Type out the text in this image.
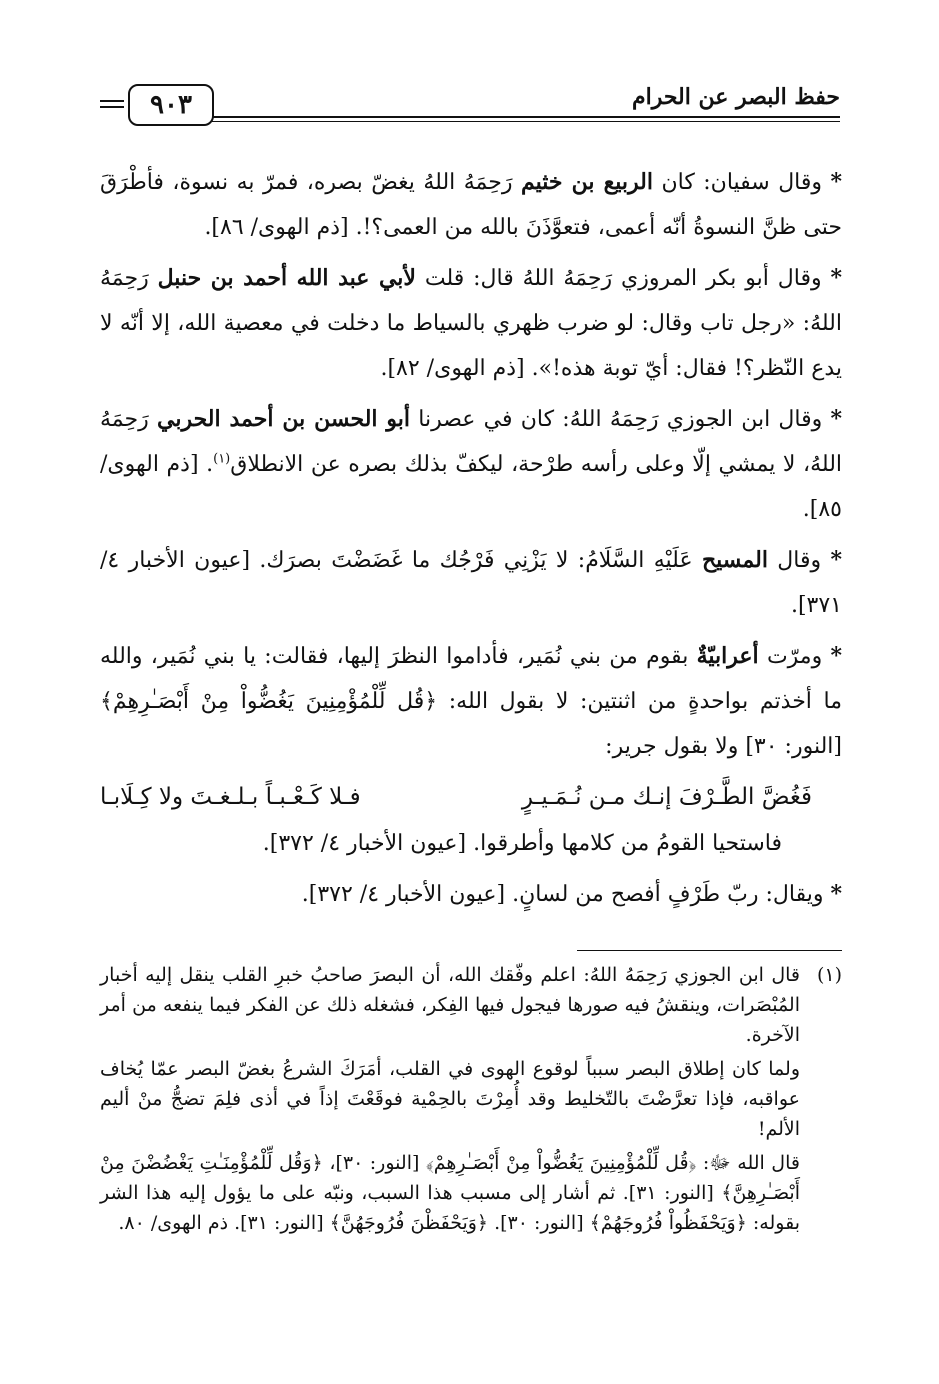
حفظ البصر عن الحرام
٩٠٣

* وقال سفيان: كان الربيع بن خثيم رَحِمَهُ اللهُ يغضّ بصره، فمرّ به نسوة، فأطْرَقَ حتى ظنَّ النسوةُ أنّه أعمى، فتعوَّذَنَ بالله من العمى؟!. [ذم الهوى/ ٨٦].

* وقال أبو بكر المروزي رَحِمَهُ اللهُ قال: قلت لأبي عبد الله أحمد بن حنبل رَحِمَهُ اللهُ: «رجل تاب وقال: لو ضرب ظهري بالسياط ما دخلت في معصية الله، إلا أنّه لا يدع النّظر؟! فقال: أيّ توبة هذه!». [ذم الهوى/ ٨٢].

* وقال ابن الجوزي رَحِمَهُ اللهُ: كان في عصرنا أبو الحسن بن أحمد الحربي رَحِمَهُ اللهُ، لا يمشي إلّا وعلى رأسه طرْحة، ليكفّ بذلك بصره عن الانطلاق$^{(١)}$. [ذم الهوى/ ٨٥].

* وقال المسيح عَلَيْهِ السَّلَامُ: لا يَزْنِي فَرْجُك ما غَضَضْتَ بصرَك. [عيون الأخبار ٤/ ٣٧١].

* ومرّت أعرابيّةٌ بقوم من بني نُمَير، فأداموا النظرَ إليها، فقالت: يا بني نُمَير، والله ما أخذتم بواحدةٍ من اثنتين: لا بقول الله: ﴿قُل لِّلْمُؤْمِنِينَ يَغُضُّواْ مِنْ أَبْصَـٰرِهِمْ﴾ [النور: ٣٠] ولا بقول جرير:

فَغُضَّ الطَّـرْفَ إنـك مـن نُـمَـيـرٍ
فـلا كَـعْـبـاً بـلـغـتَ ولا كِـلَابـا

فاستحيا القومُ من كلامها وأطرقوا. [عيون الأخبار ٤/ ٣٧٢].

* ويقال: ربّ طَرْفٍ أفصح من لسانٍ. [عيون الأخبار ٤/ ٣٧٢].

(١)

قال ابن الجوزي رَحِمَهُ اللهُ: اعلم وفّقك الله، أن البصرَ صاحبُ خبرِ القلب ينقل إليه أخبار المُبْصَرات، وينقشُ فيه صورها فيجول فيها الفِكر، فشغله ذلك عن الفكر فيما ينفعه من أمر الآخرة.

ولما كان إطلاق البصر سبباً لوقوع الهوى في القلب، أمَرَكَ الشرعُ بغضّ البصر عمّا يُخاف عواقبه، فإذا تعرَّضْتَ بالتّخليط وقد أُمِرْتَ بالحِمْية فوقَعْتَ إذاً في أذى فلِمَ تضجُّ منْ أليم الألم!

قال الله ﷻ: ﴿قُل لِّلْمُؤْمِنِينَ يَغُضُّواْ مِنْ أَبْصَـٰرِهِمْ﴾ [النور: ٣٠]، ﴿وَقُل لِّلْمُؤْمِنَـٰتِ يَغْضُضْنَ مِنْ أَبْصَـٰرِهِنَّ﴾ [النور: ٣١]. ثم أشار إلى مسبب هذا السبب، ونبّه على ما يؤول إليه هذا الشر بقوله: ﴿وَيَحْفَظُواْ فُرُوجَهُمْ﴾ [النور: ٣٠]. ﴿وَيَحْفَظْنَ فُرُوجَهُنَّ﴾ [النور: ٣١]. ذم الهوى/ ٨٠.
